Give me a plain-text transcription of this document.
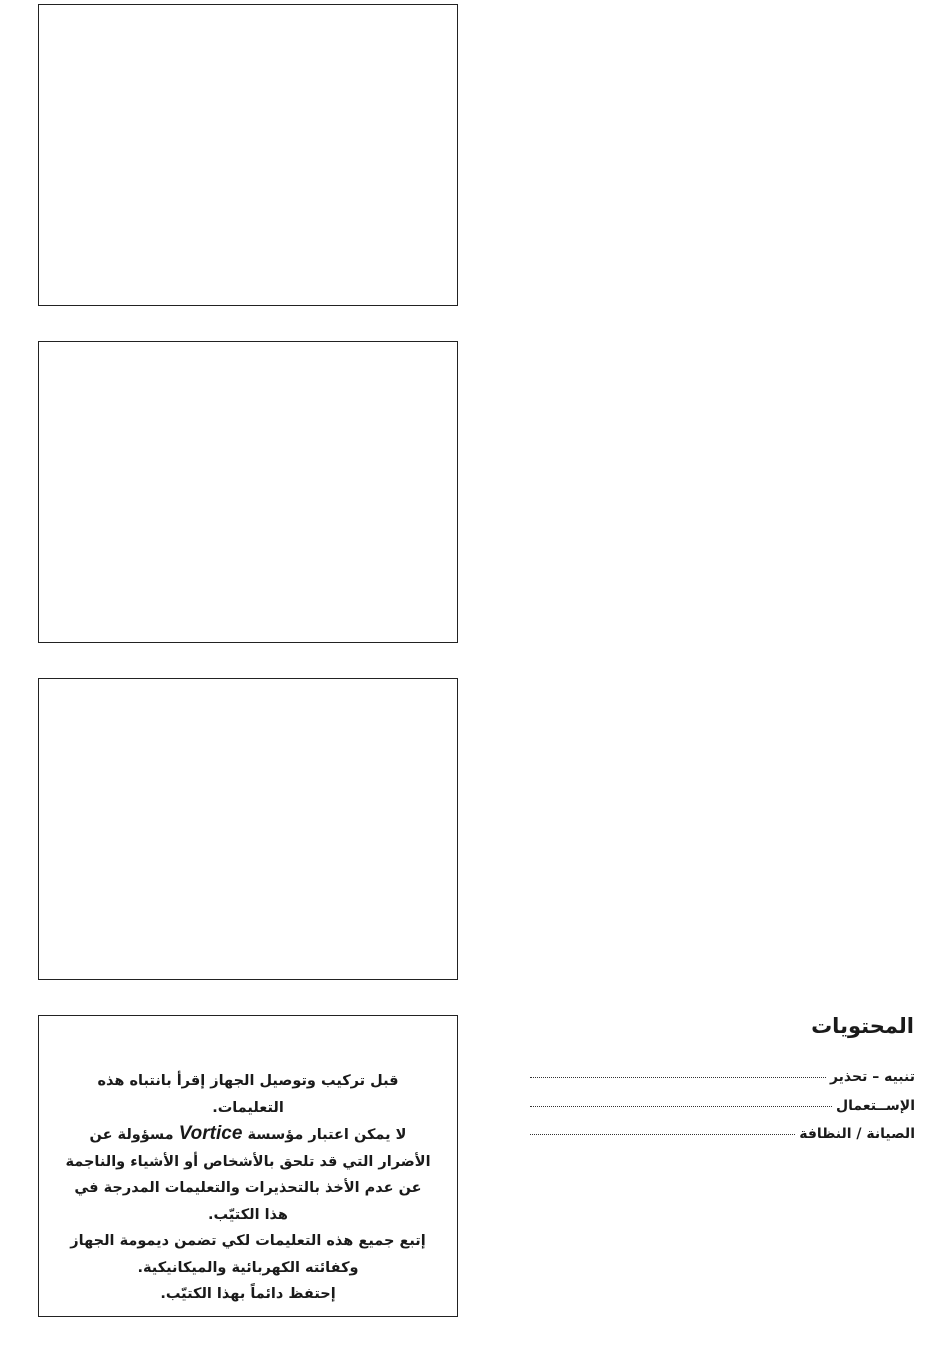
قبل تركيب وتوصيل الجهاز إقرأ بانتباه هذه التعليمات.

لا يمكن اعتبار مؤسسة Vortice مسؤولة عن الأضرار التي قد تلحق بالأشخاص أو الأشياء والناجمة عن عدم الأخذ بالتحذيرات والتعليمات المدرجة في هذا الكتيّب.

إتبع جميع هذه التعليمات لكي تضمن ديمومة الجهاز وكفائته الكهربائية والميكانيكية.

إحتفظ دائماً بهذا الكتيّب.

المحتويات
تنبيه – تحذير
الإســتعمال
الصيانة / النظافة
